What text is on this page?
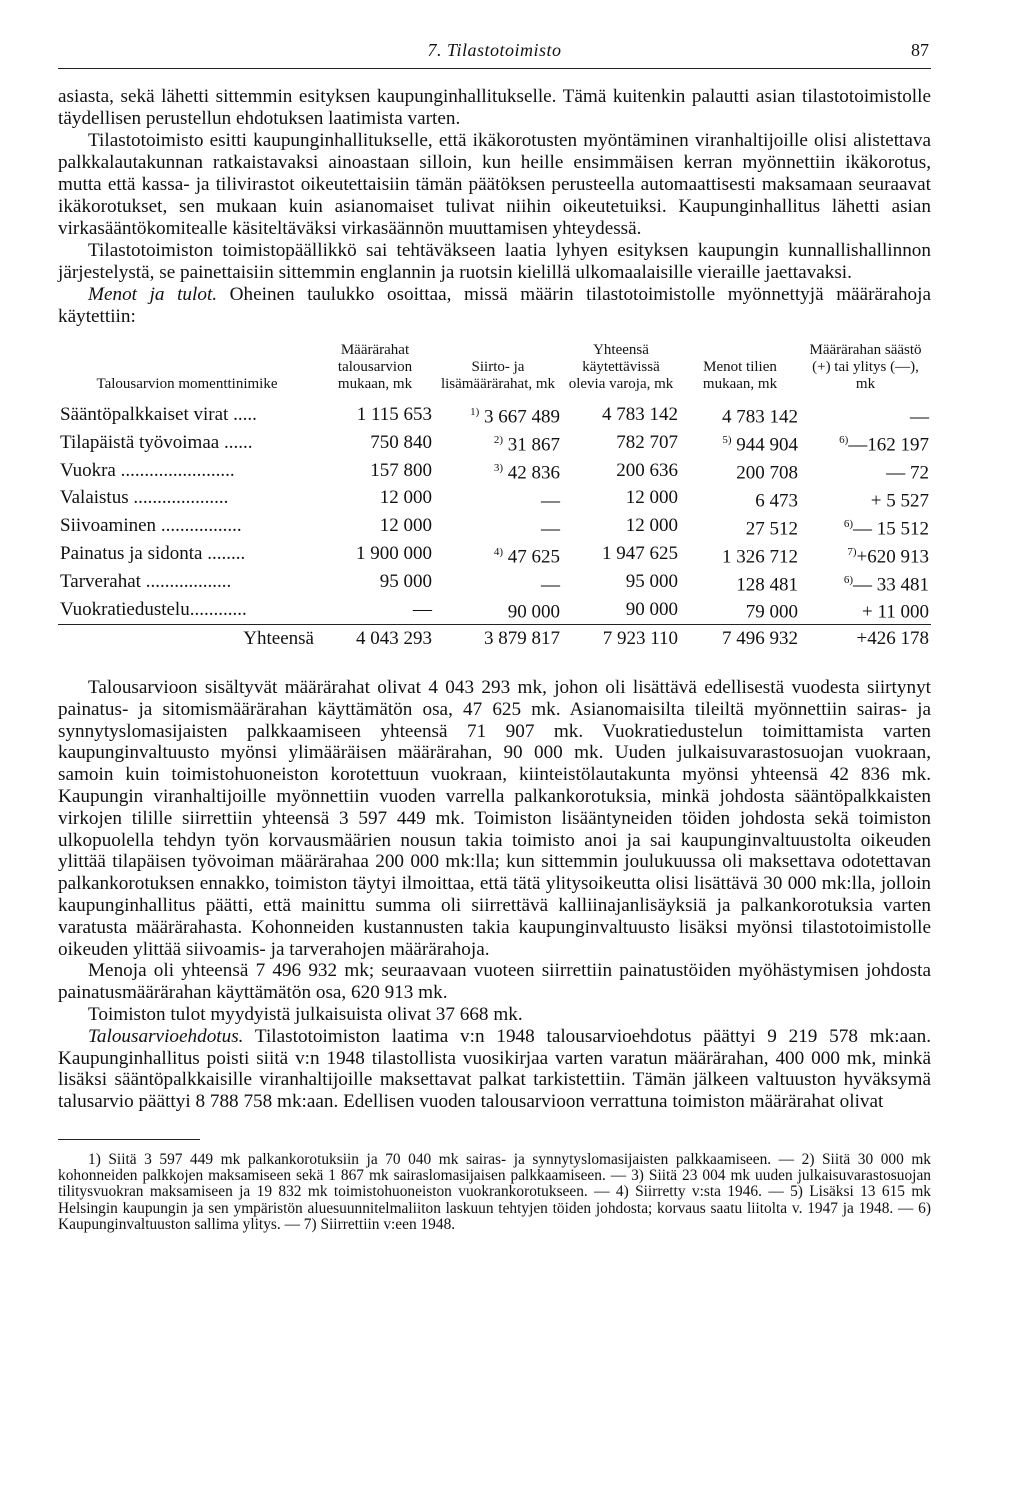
7. Tilastotoimisto	87

asiasta, sekä lähetti sittemmin esityksen kaupunginhallitukselle. Tämä kuitenkin palautti asian tilastotoimistolle täydellisen perustellun ehdotuksen laatimista varten.

Tilastotoimisto esitti kaupunginhallitukselle, että ikäkorotusten myöntäminen viranhaltijoille olisi alistettava palkkalautakunnan ratkaistavaksi ainoastaan silloin, kun heille ensimmäisen kerran myönnettiin ikäkorotus, mutta että kassa- ja tilivirastot oikeutettaisiin tämän päätöksen perusteella automaattisesti maksamaan seuraavat ikäkorotukset, sen mukaan kuin asianomaiset tulivat niihin oikeutetuiksi. Kaupunginhallitus lähetti asian virkasääntökomitealle käsiteltäväksi virkasäännön muuttamisen yhteydessä.

Tilastotoimiston toimistopäällikkö sai tehtäväkseen laatia lyhyen esityksen kaupungin kunnallishallinnon järjestelystä, se painettaisiin sittemmin englannin ja ruotsin kielillä ulkomaalaisille vieraille jaettavaksi.

Menot ja tulot. Oheinen taulukko osoittaa, missä määrin tilastotoimistolle myönnettyjä määrärahoja käytettiin:

Talousarvion momenttinimike	Määrärahat talousarvion mukaan, mk	Siirto- ja lisämäärärahat, mk	Yhteensä käytettävissä olevia varoja, mk	Menot tilien mukaan, mk	Määrärahan säästö (+) tai ylitys (—), mk
Sääntöpalkkaiset virat .....	1 115 653	$^{1)}$ 3 667 489	4 783 142	4 783 142	—
Tilapäistä työvoimaa ......	750 840	$^{2)}$ 31 867	782 707	$^{5)}$ 944 904	$^{6)}$—162 197
Vuokra ........................	157 800	$^{3)}$ 42 836	200 636	200 708	— 72
Valaistus ....................	12 000	—	12 000	6 473	+ 5 527
Siivoaminen .................	12 000	—	12 000	27 512	$^{6)}$— 15 512
Painatus ja sidonta ........	1 900 000	$^{4)}$ 47 625	1 947 625	1 326 712	$^{7)}$+620 913
Tarverahat ..................	95 000	—	95 000	128 481	$^{6)}$— 33 481
Vuokratiedustelu............	—	90 000	90 000	79 000	+ 11 000
Yhteensä	4 043 293	3 879 817	7 923 110	7 496 932	+426 178

Talousarvioon sisältyvät määrärahat olivat 4 043 293 mk, johon oli lisättävä edellisestä vuodesta siirtynyt painatus- ja sitomismäärärahan käyttämätön osa, 47 625 mk. Asianomaisilta tileiltä myönnettiin sairas- ja synnytyslomasijaisten palkkaamiseen yhteensä 71 907 mk. Vuokratiedustelun toimittamista varten kaupunginvaltuusto myönsi ylimääräisen määrärahan, 90 000 mk. Uuden julkaisuvarastosuojan vuokraan, samoin kuin toimistohuoneiston korotettuun vuokraan, kiinteistölautakunta myönsi yhteensä 42 836 mk. Kaupungin viranhaltijoille myönnettiin vuoden varrella palkankorotuksia, minkä johdosta sääntöpalkkaisten virkojen tilille siirrettiin yhteensä 3 597 449 mk. Toimiston lisääntyneiden töiden johdosta sekä toimiston ulkopuolella tehdyn työn korvausmäärien nousun takia toimisto anoi ja sai kaupunginvaltuustolta oikeuden ylittää tilapäisen työvoiman määrärahaa 200 000 mk:lla; kun sittemmin joulukuussa oli maksettava odotettavan palkankorotuksen ennakko, toimiston täytyi ilmoittaa, että tätä ylitysoikeutta olisi lisättävä 30 000 mk:lla, jolloin kaupunginhallitus päätti, että mainittu summa oli siirrettävä kalliinajanlisäyksiä ja palkankorotuksia varten varatusta määrärahasta. Kohonneiden kustannusten takia kaupunginvaltuusto lisäksi myönsi tilastotoimistolle oikeuden ylittää siivoamis- ja tarverahojen määrärahoja.

Menoja oli yhteensä 7 496 932 mk; seuraavaan vuoteen siirrettiin painatustöiden myöhästymisen johdosta painatusmäärärahan käyttämätön osa, 620 913 mk.

Toimiston tulot myydyistä julkaisuista olivat 37 668 mk.

Talousarvioehdotus. Tilastotoimiston laatima v:n 1948 talousarvioehdotus päättyi 9 219 578 mk:aan. Kaupunginhallitus poisti siitä v:n 1948 tilastollista vuosikirjaa varten varatun määrärahan, 400 000 mk, minkä lisäksi sääntöpalkkaisille viranhaltijoille maksettavat palkat tarkistettiin. Tämän jälkeen valtuuston hyväksymä talusarvio päättyi 8 788 758 mk:aan. Edellisen vuoden talousarvioon verrattuna toimiston määrärahat olivat

1) Siitä 3 597 449 mk palkankorotuksiin ja 70 040 mk sairas- ja synnytyslomasijaisten palkkaamiseen. — 2) Siitä 30 000 mk kohonneiden palkkojen maksamiseen sekä 1 867 mk sairaslomasijaisen palkkaamiseen. — 3) Siitä 23 004 mk uuden julkaisuvarastosuojan tilitysvuokran maksamiseen ja 19 832 mk toimistohuoneiston vuokrankorotukseen. — 4) Siirretty v:sta 1946. — 5) Lisäksi 13 615 mk Helsingin kaupungin ja sen ympäristön aluesuunnitelmaliiton laskuun tehtyjen töiden johdosta; korvaus saatu liitolta v. 1947 ja 1948. — 6) Kaupunginvaltuuston sallima ylitys. — 7) Siirrettiin v:een 1948.
